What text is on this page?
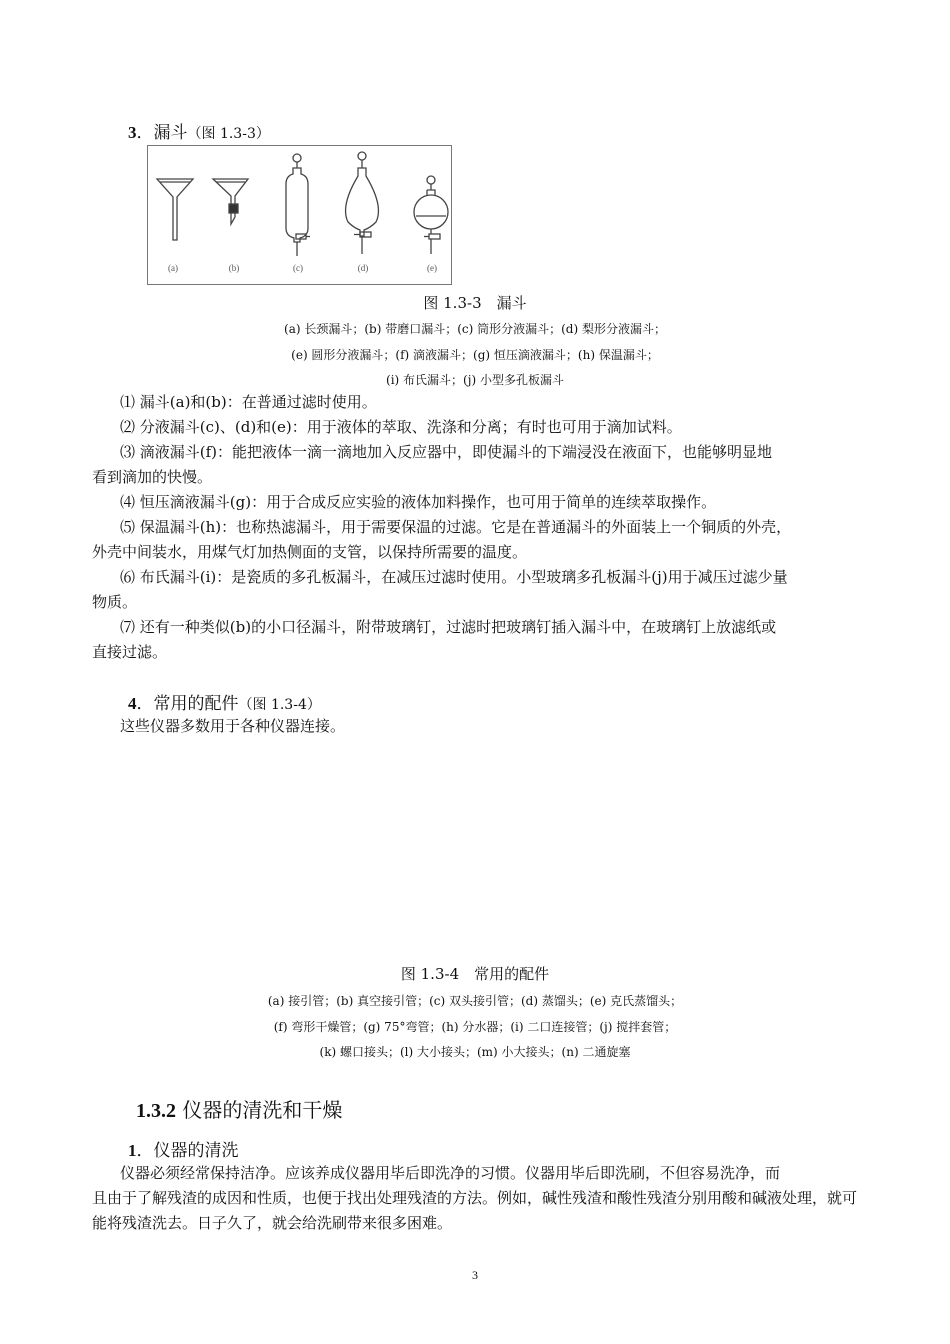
3．漏斗（图 1.3-3）
(a)	(b)	(c)	(d)	(e)
图 1.3-3　漏斗
(a) 长颈漏斗；(b) 带磨口漏斗；(c) 筒形分液漏斗；(d) 梨形分液漏斗；
(e) 圆形分液漏斗；(f) 滴液漏斗；(g) 恒压滴液漏斗；(h) 保温漏斗；
(i) 布氏漏斗；(j) 小型多孔板漏斗
⑴ 漏斗(a)和(b)：在普通过滤时使用。
⑵ 分液漏斗(c)、(d)和(e)：用于液体的萃取、洗涤和分离；有时也可用于滴加试料。
⑶ 滴液漏斗(f)：能把液体一滴一滴地加入反应器中，即使漏斗的下端浸没在液面下，也能够明显地
看到滴加的快慢。
⑷ 恒压滴液漏斗(g)：用于合成反应实验的液体加料操作，也可用于简单的连续萃取操作。
⑸ 保温漏斗(h)：也称热滤漏斗，用于需要保温的过滤。它是在普通漏斗的外面装上一个铜质的外壳，
外壳中间装水，用煤气灯加热侧面的支管，以保持所需要的温度。
⑹ 布氏漏斗(i)：是瓷质的多孔板漏斗，在减压过滤时使用。小型玻璃多孔板漏斗(j)用于减压过滤少量
物质。
⑺ 还有一种类似(b)的小口径漏斗，附带玻璃钉，过滤时把玻璃钉插入漏斗中，在玻璃钉上放滤纸或
直接过滤。
4．常用的配件（图 1.3-4）
这些仪器多数用于各种仪器连接。
图 1.3-4　常用的配件
(a) 接引管；(b) 真空接引管；(c) 双头接引管；(d) 蒸馏头；(e) 克氏蒸馏头；
(f) 弯形干燥管；(g) 75°弯管；(h) 分水器；(i) 二口连接管；(j) 搅拌套管；
(k) 螺口接头；(l) 大小接头；(m) 小大接头；(n) 二通旋塞
1.3.2 仪器的清洗和干燥
1．仪器的清洗
仪器必须经常保持洁净。应该养成仪器用毕后即洗净的习惯。仪器用毕后即洗刷，不但容易洗净，而
且由于了解残渣的成因和性质，也便于找出处理残渣的方法。例如，碱性残渣和酸性残渣分别用酸和碱液处理，就可能将残渣洗去。日子久了，就会给洗刷带来很多困难。
3
